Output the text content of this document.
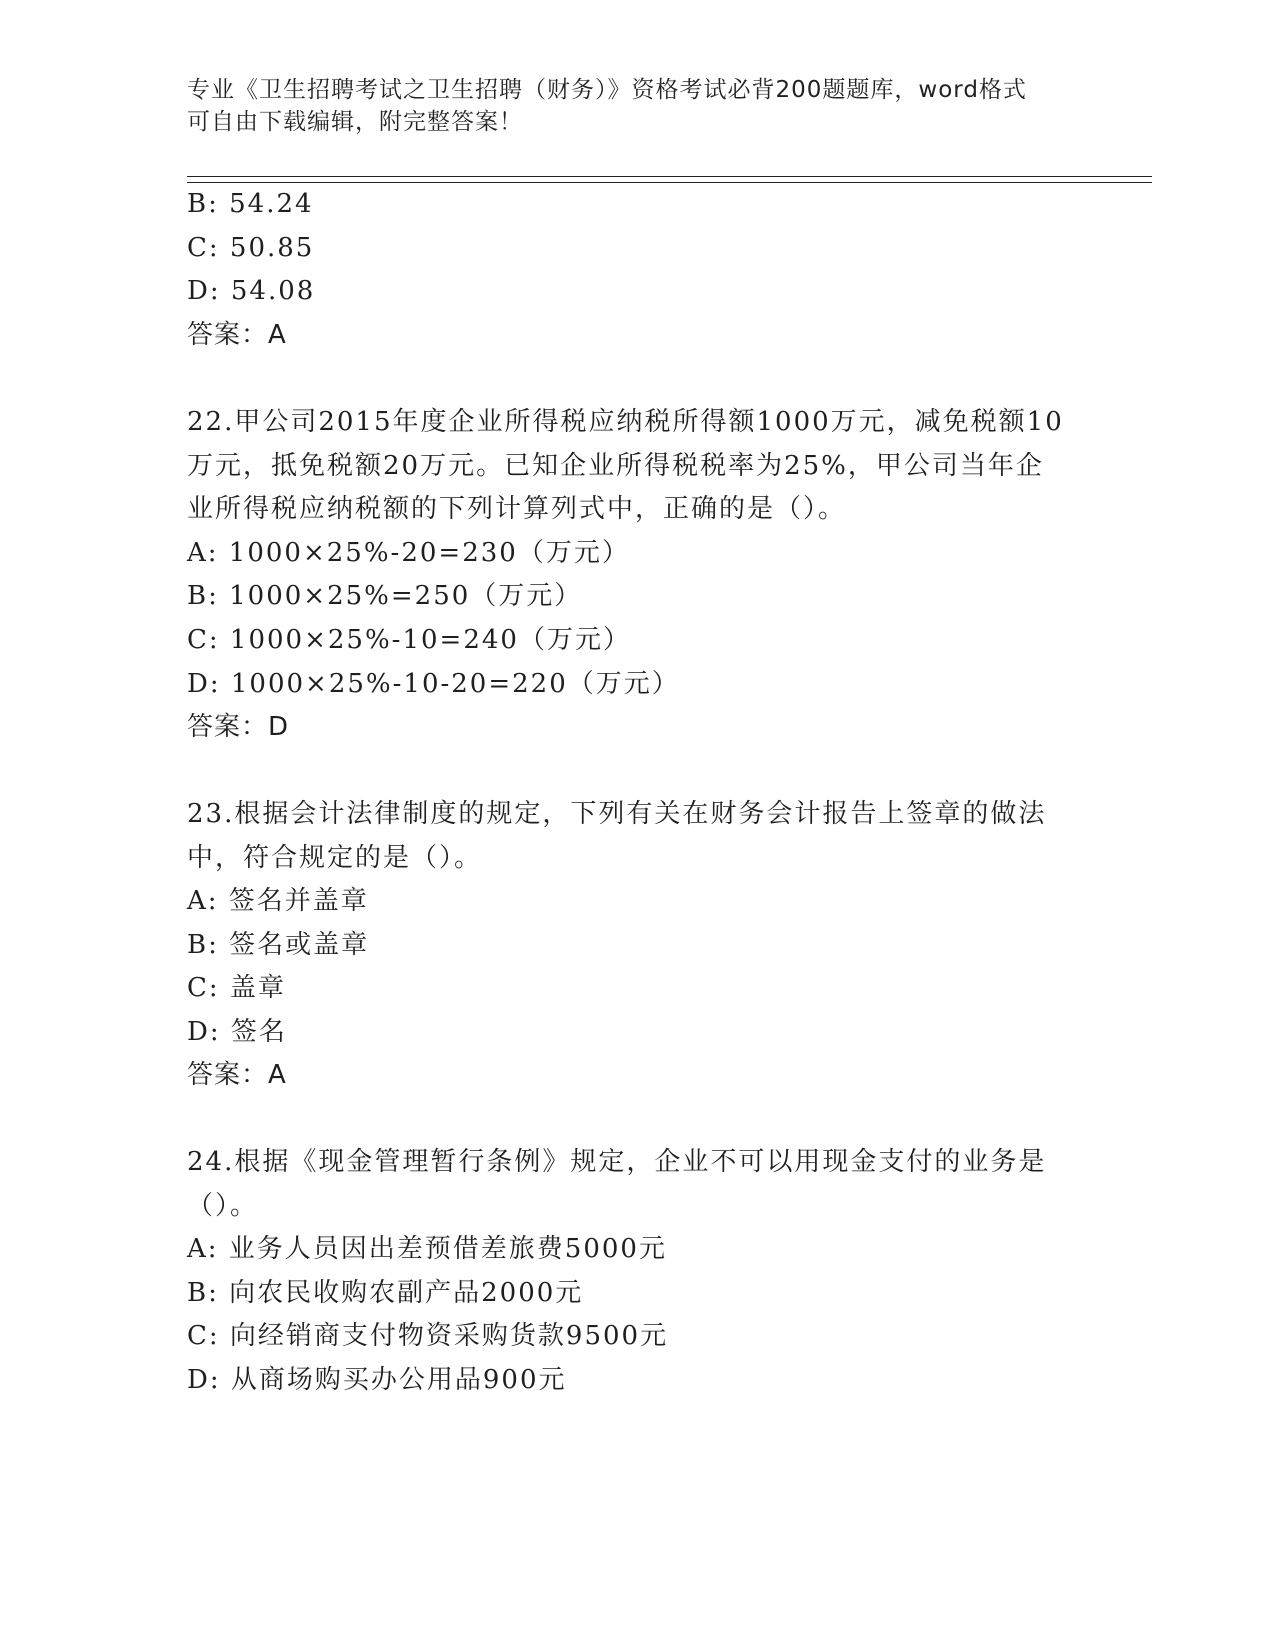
专业《卫生招聘考试之卫生招聘（财务）》资格考试必背200题题库，word格式
可自由下载编辑，附完整答案！
B: 54.24
C: 50.85
D: 54.08
答案：A
22.甲公司2015年度企业所得税应纳税所得额1000万元，减免税额10
万元，抵免税额20万元。已知企业所得税税率为25%，甲公司当年企
业所得税应纳税额的下列计算列式中，正确的是（）。
A: 1000×25%-20=230（万元）
B: 1000×25%=250（万元）
C: 1000×25%-10=240（万元）
D: 1000×25%-10-20=220（万元）
答案：D
23.根据会计法律制度的规定，下列有关在财务会计报告上签章的做法
中，符合规定的是（）。
A: 签名并盖章
B: 签名或盖章
C: 盖章
D: 签名
答案：A
24.根据《现金管理暂行条例》规定，企业不可以用现金支付的业务是
（）。
A: 业务人员因出差预借差旅费5000元
B: 向农民收购农副产品2000元
C: 向经销商支付物资采购货款9500元
D: 从商场购买办公用品900元
